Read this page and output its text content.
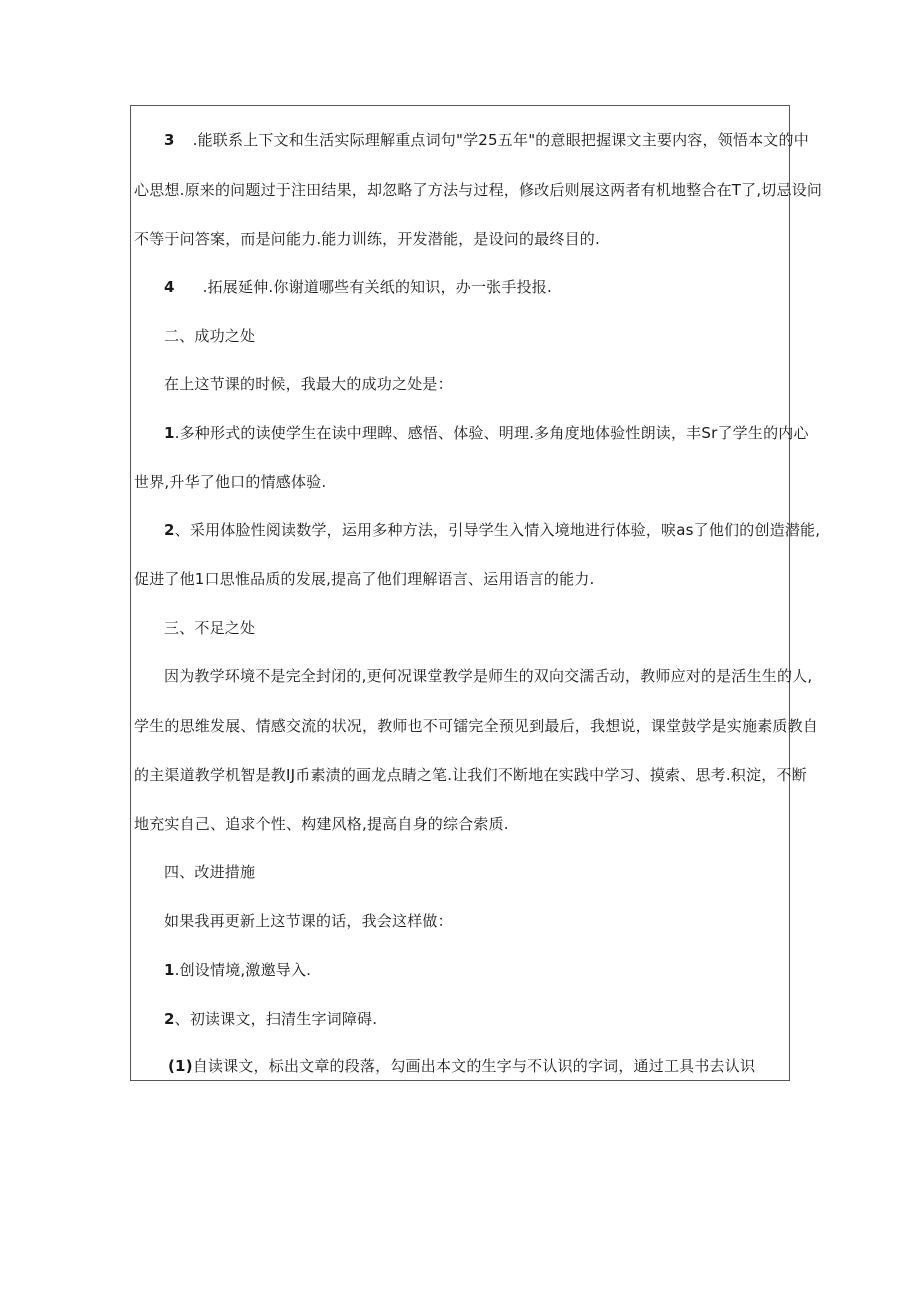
3 .能联系上下文和生活实际理解重点词句"学25五年"的意眼把握课文主要内容，领悟本文的中
心思想.原来的问题过于注田结果，却忽略了方法与过程，修改后则展这两者有机地整合在T了,切忌设问
不等于问答案，而是问能力.能力训练，开发潜能，是设问的最终目的.
4 .拓展延伸.你谢道哪些有关纸的知识，办一张手投报.
二、成功之处
在上这节课的时候，我最大的成功之处是：
1.多种形式的读使学生在读中理睥、感悟、体验、明理.多角度地体验性朗读，丰Sr了学生的内心
世界,升华了他口的情感体验.
2、采用体脸性阅读数学，运用多种方法，引导学生入情入境地进行体验，唳as了他们的创造潜能,
促进了他1口思惟品质的发展,提高了他们理解语言、运用语言的能力.
三、不足之处
因为教学环境不是完全封闭的,更何况课堂教学是师生的双向交濡舌动，教师应对的是活生生的人,
学生的思维发展、情感交流的状况，教师也不可镭完全预见到最后，我想说，课堂鼓学是实施素质教自
的主渠道教学机智是教IJ币素渍的画龙点睛之笔.让我们不断地在实践中学习、摸索、思考.积淀，不断
地充实自己、追求个性、构建风格,提高自身的综合索质.
四、改进措施
如果我再更新上这节课的话，我会这样做：
1.创设情境,激邀导入.
2、初读课文，扫清生字词障碍.
(1)自读课文，标出文章的段落，勾画出本文的生字与不认识的字词，通过工具书去认识
